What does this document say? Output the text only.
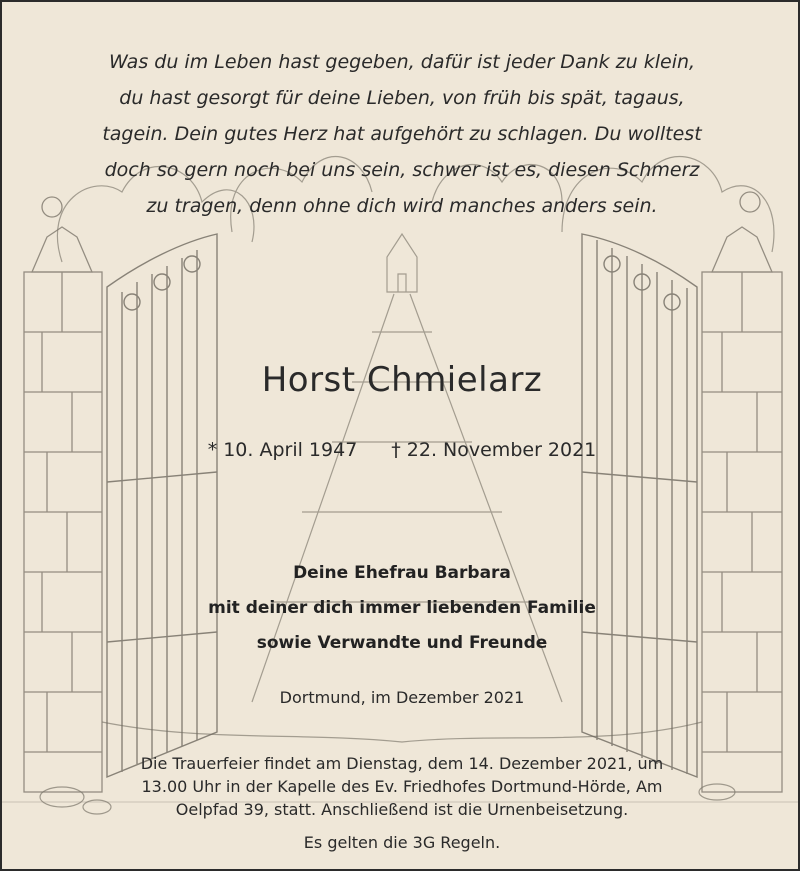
Was du im Leben hast gegeben, dafür ist jeder Dank zu klein,
du hast gesorgt für deine Lieben, von früh bis spät, tagaus,
tagein. Dein gutes Herz hat aufgehört zu schlagen. Du wolltest
doch so gern noch bei uns sein, schwer ist es, diesen Schmerz
zu tragen, denn ohne dich wird manches anders sein.
Horst Chmielarz
* 10. April 1947 † 22. November 2021
Deine Ehefrau Barbara
mit deiner dich immer liebenden Familie
sowie Verwandte und Freunde
Dortmund, im Dezember 2021
Die Trauerfeier findet am Dienstag, dem 14. Dezember 2021, um
13.00 Uhr in der Kapelle des Ev. Friedhofes Dortmund-Hörde, Am
Oelpfad 39, statt. Anschließend ist die Urnenbeisetzung.
Es gelten die 3G Regeln.
